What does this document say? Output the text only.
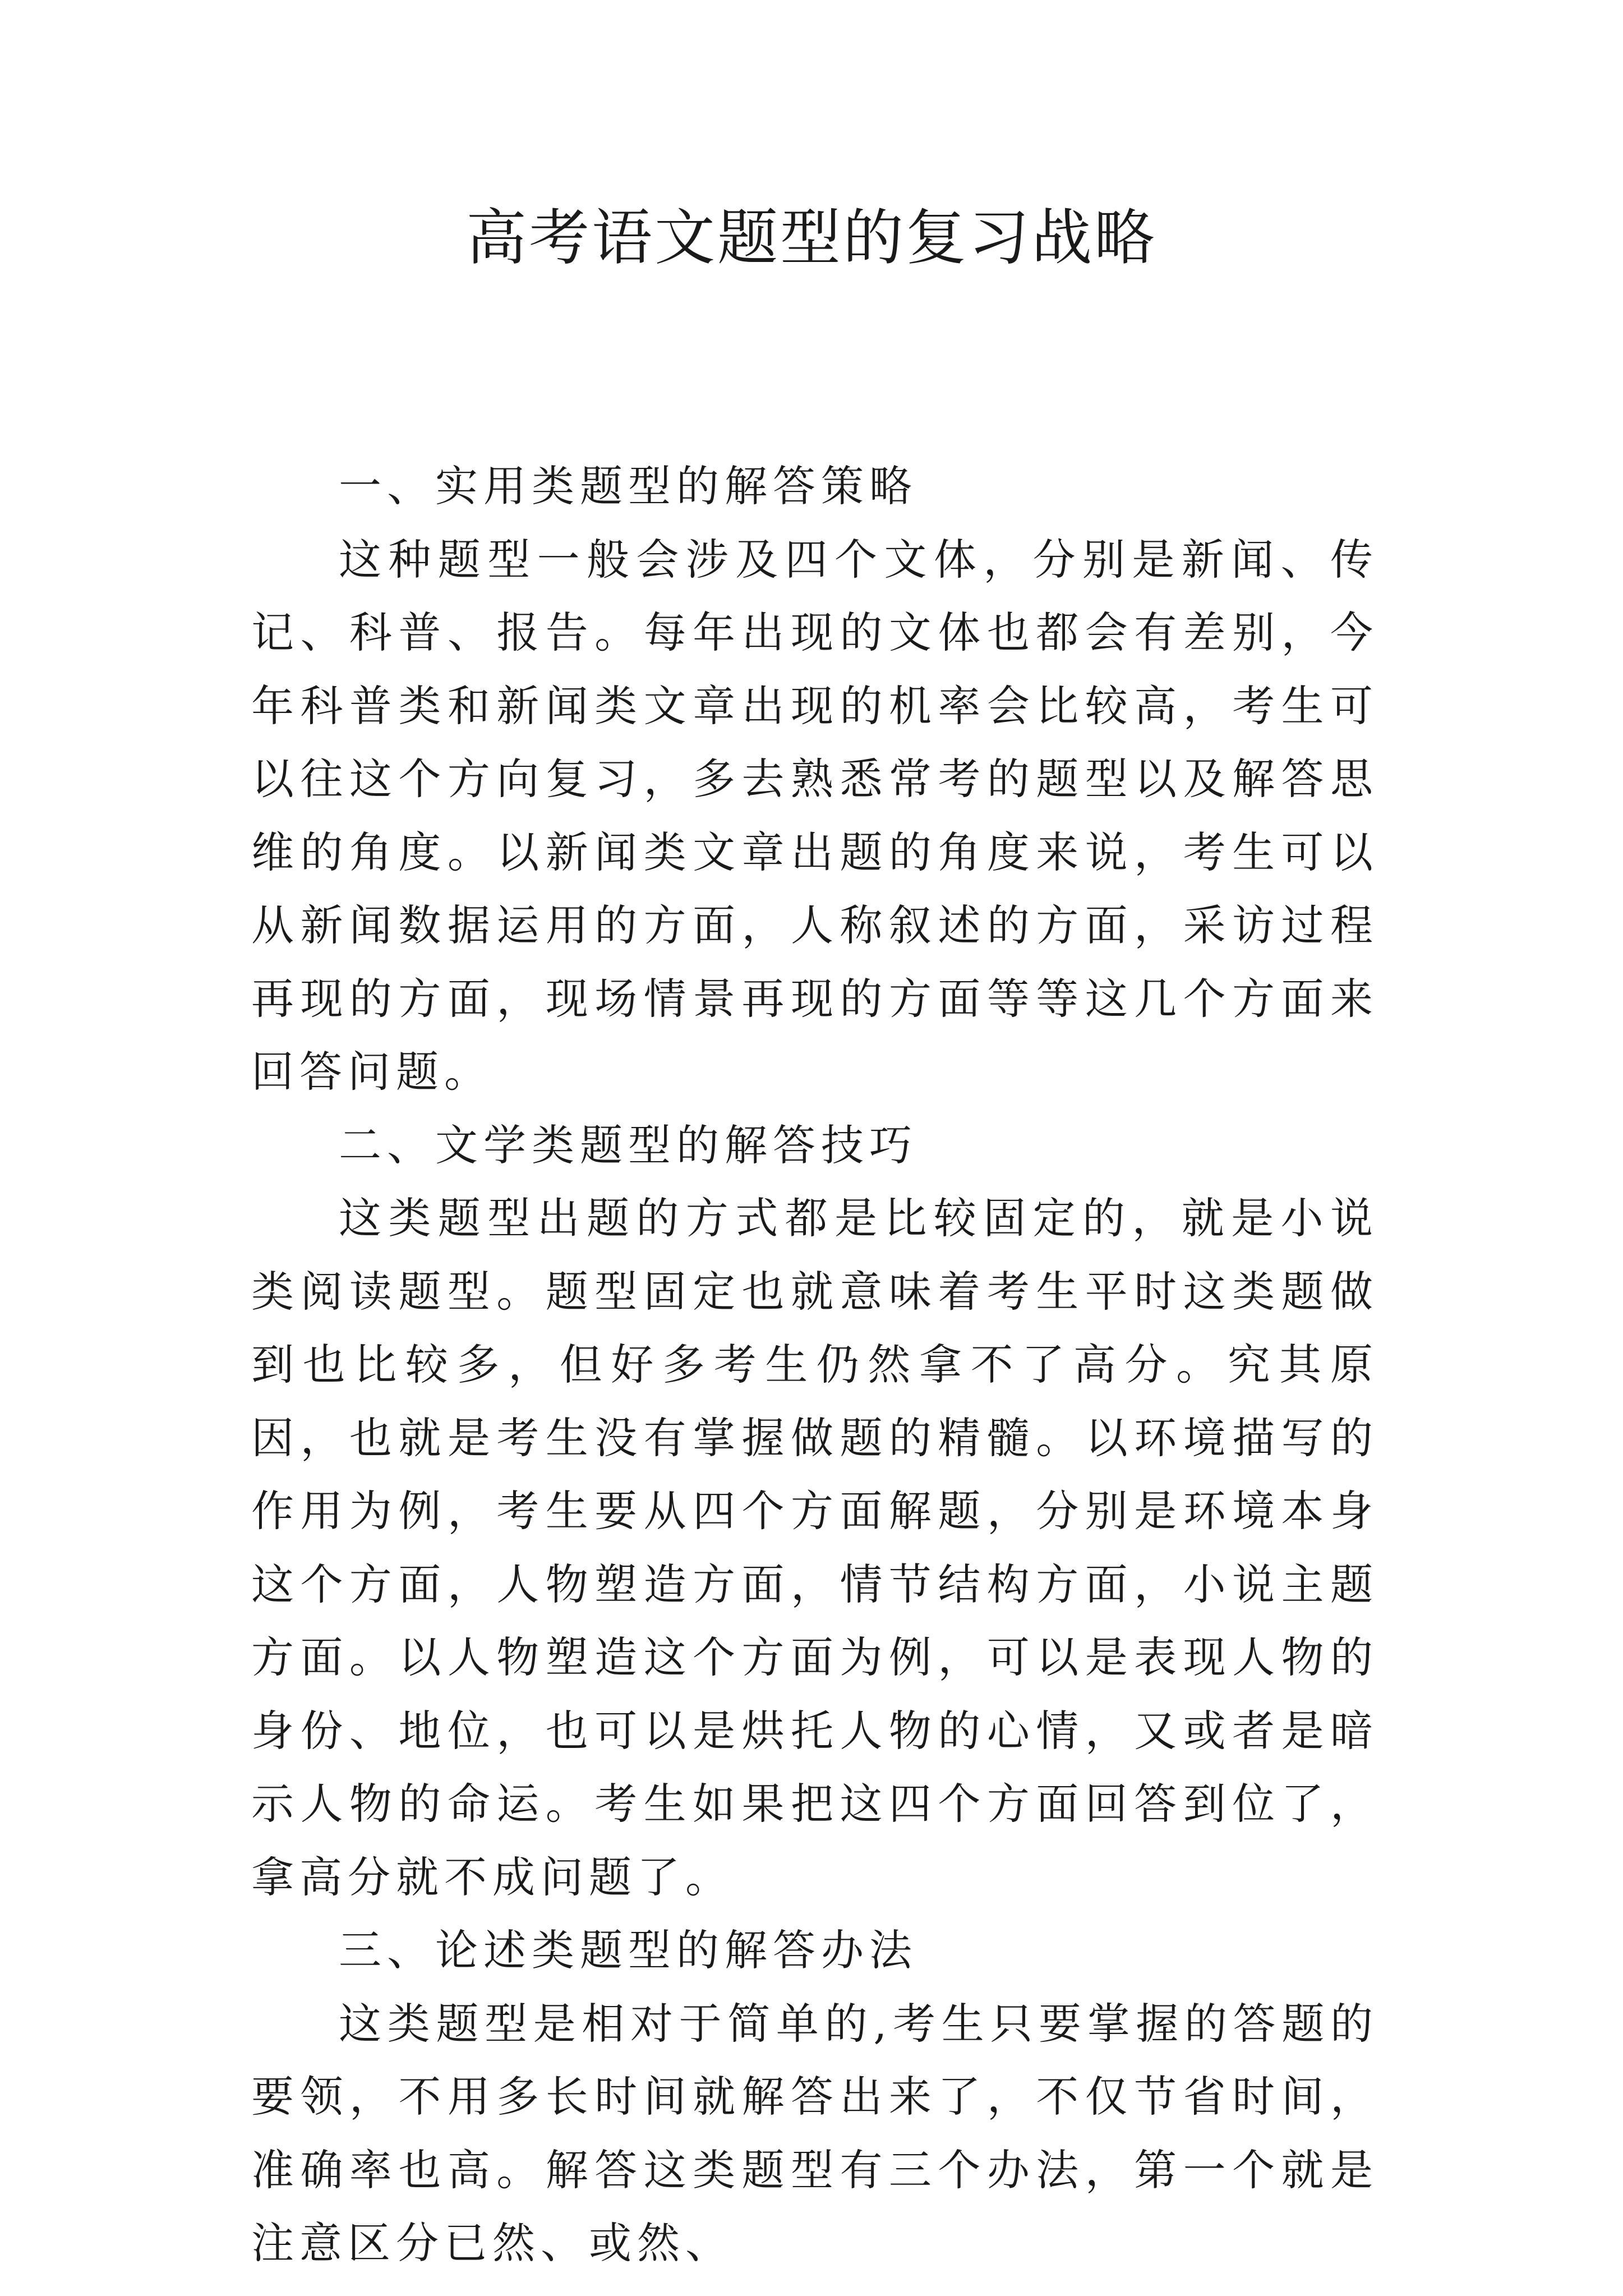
高考语文题型的复习战略

一、实用类题型的解答策略

这种题型一般会涉及四个文体，分别是新闻、传记、科普、报告。每年出现的文体也都会有差别，今年科普类和新闻类文章出现的机率会比较高，考生可以往这个方向复习，多去熟悉常考的题型以及解答思维的角度。以新闻类文章出题的角度来说，考生可以从新闻数据运用的方面，人称叙述的方面，采访过程再现的方面，现场情景再现的方面等等这几个方面来回答问题。

二、文学类题型的解答技巧

这类题型出题的方式都是比较固定的，就是小说类阅读题型。题型固定也就意味着考生平时这类题做到也比较多，但好多考生仍然拿不了高分。究其原因，也就是考生没有掌握做题的精髓。以环境描写的作用为例，考生要从四个方面解题，分别是环境本身这个方面，人物塑造方面，情节结构方面，小说主题方面。以人物塑造这个方面为例，可以是表现人物的身份、地位，也可以是烘托人物的心情，又或者是暗示人物的命运。考生如果把这四个方面回答到位了，拿高分就不成问题了。

三、论述类题型的解答办法

这类题型是相对于简单的,考生只要掌握的答题的要领，不用多长时间就解答出来了，不仅节省时间，准确率也高。解答这类题型有三个办法，第一个就是注意区分已然、或然、
